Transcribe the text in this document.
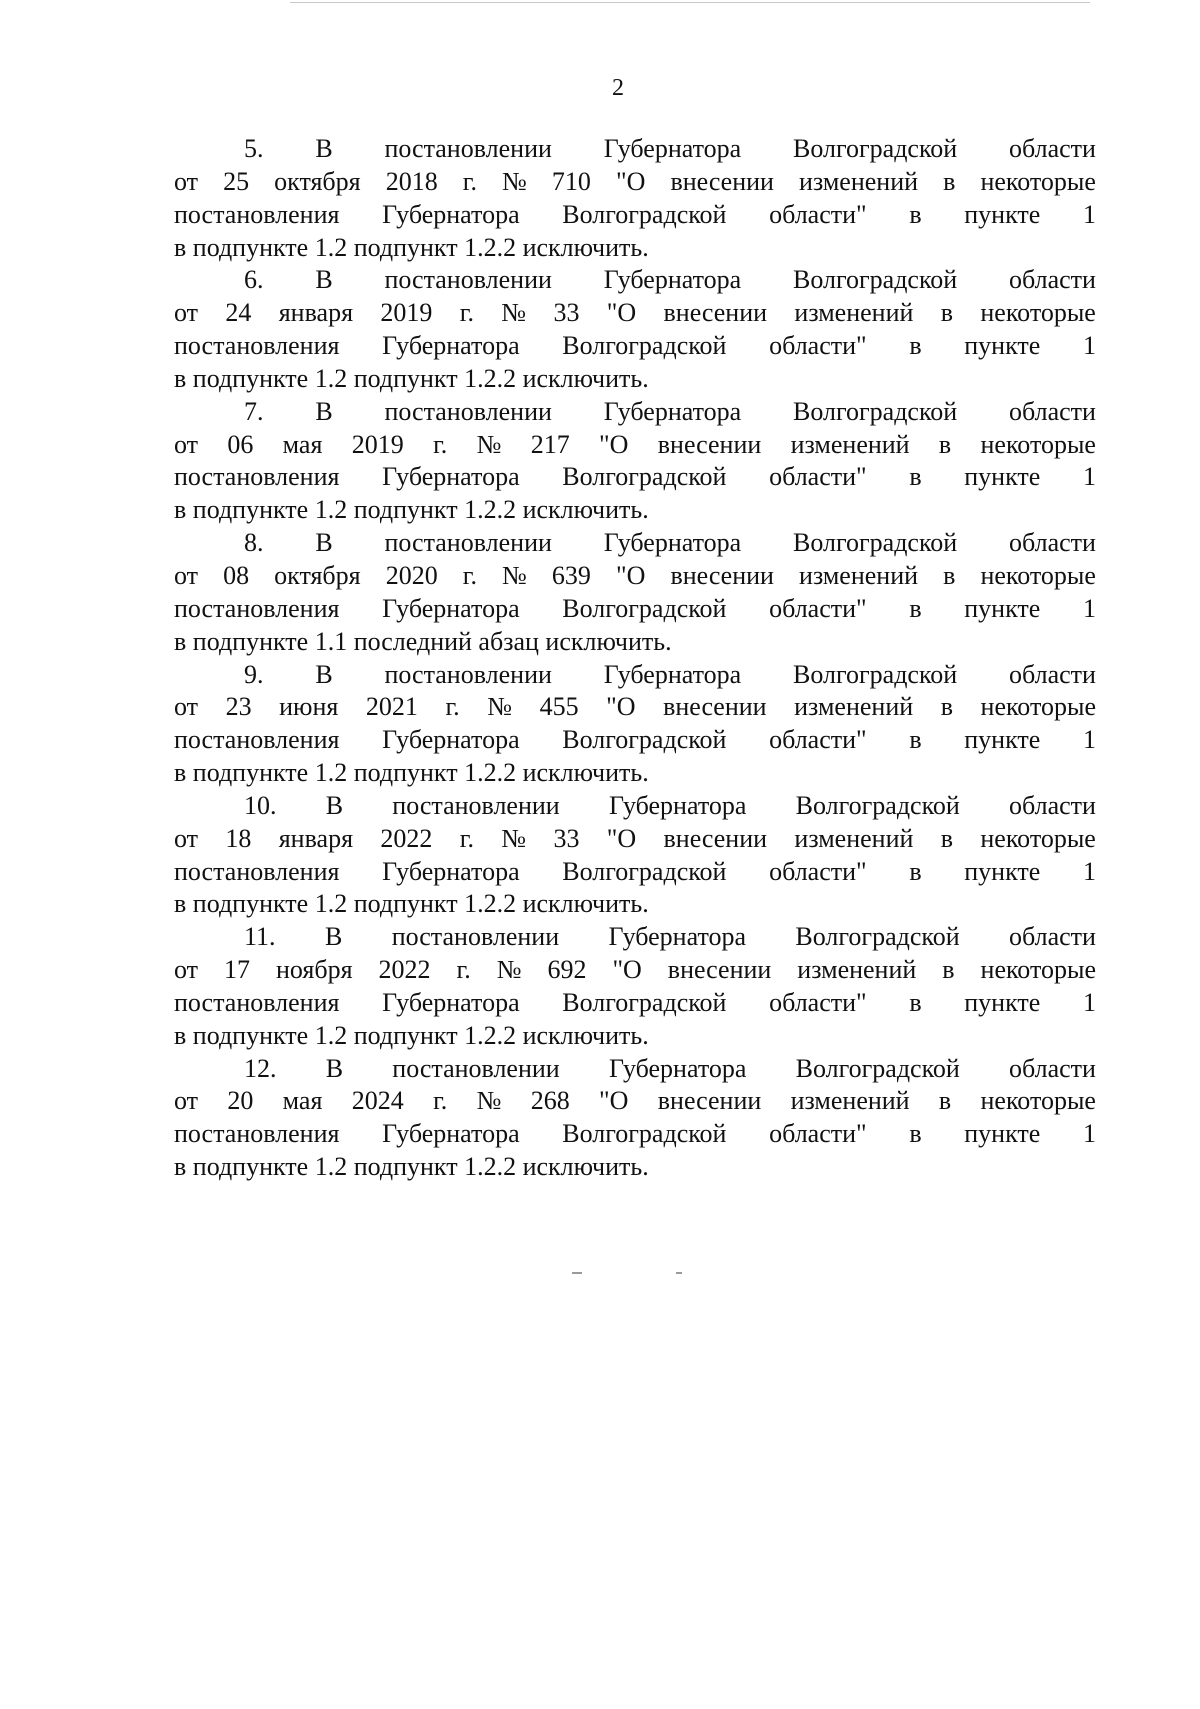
2
5. В постановлении Губернатора Волгоградской области
от 25 октября 2018 г. № 710 "О внесении изменений в некоторые
постановления Губернатора Волгоградской области" в пункте 1
в подпункте 1.2 подпункт 1.2.2 исключить.
6. В постановлении Губернатора Волгоградской области
от 24 января 2019 г. № 33 "О внесении изменений в некоторые
постановления Губернатора Волгоградской области" в пункте 1
в подпункте 1.2 подпункт 1.2.2 исключить.
7. В постановлении Губернатора Волгоградской области
от 06 мая 2019 г. № 217 "О внесении изменений в некоторые
постановления Губернатора Волгоградской области" в пункте 1
в подпункте 1.2 подпункт 1.2.2 исключить.
8. В постановлении Губернатора Волгоградской области
от 08 октября 2020 г. № 639 "О внесении изменений в некоторые
постановления Губернатора Волгоградской области" в пункте 1
в подпункте 1.1 последний абзац исключить.
9. В постановлении Губернатора Волгоградской области
от 23 июня 2021 г. № 455 "О внесении изменений в некоторые
постановления Губернатора Волгоградской области" в пункте 1
в подпункте 1.2 подпункт 1.2.2 исключить.
10. В постановлении Губернатора Волгоградской области
от 18 января 2022 г. № 33 "О внесении изменений в некоторые
постановления Губернатора Волгоградской области" в пункте 1
в подпункте 1.2 подпункт 1.2.2 исключить.
11. В постановлении Губернатора Волгоградской области
от 17 ноября 2022 г. № 692 "О внесении изменений в некоторые
постановления Губернатора Волгоградской области" в пункте 1
в подпункте 1.2 подпункт 1.2.2 исключить.
12. В постановлении Губернатора Волгоградской области
от 20 мая 2024 г. № 268 "О внесении изменений в некоторые
постановления Губернатора Волгоградской области" в пункте 1
в подпункте 1.2 подпункт 1.2.2 исключить.
